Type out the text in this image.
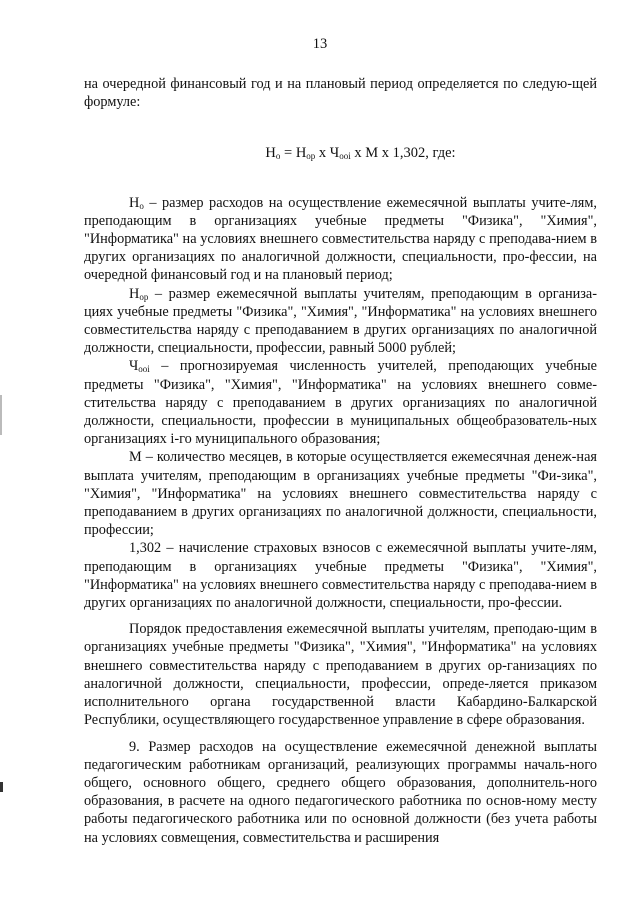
13

на очередной финансовый год и на плановый период определяется по следую-щей формуле:

$Н_о = Н_{ор}$ х $Ч_{ооi}$ х М х 1,302, где:

$Н_о$ – размер расходов на осуществление ежемесячной выплаты учите-лям, преподающим в организациях учебные предметы "Физика", "Химия", "Информатика" на условиях внешнего совместительства наряду с преподава-нием в других организациях по аналогичной должности, специальности, про-фессии, на очередной финансовый год и на плановый период;

$Н_{ор}$ – размер ежемесячной выплаты учителям, преподающим в организа-циях учебные предметы "Физика", "Химия", "Информатика" на условиях внешнего совместительства наряду с преподаванием в других организациях по аналогичной должности, специальности, профессии, равный 5000 рублей;

$Ч_{ооi}$ – прогнозируемая численность учителей, преподающих учебные предметы "Физика", "Химия", "Информатика" на условиях внешнего совме-стительства наряду с преподаванием в других организациях по аналогичной должности, специальности, профессии в муниципальных общеобразователь-ных организациях i-го муниципального образования;

М – количество месяцев, в которые осуществляется ежемесячная денеж-ная выплата учителям, преподающим в организациях учебные предметы "Фи-зика", "Химия", "Информатика" на условиях внешнего совместительства наряду с преподаванием в других организациях по аналогичной должности, специальности, профессии;

1,302 – начисление страховых взносов с ежемесячной выплаты учите-лям, преподающим в организациях учебные предметы "Физика", "Химия", "Информатика" на условиях внешнего совместительства наряду с преподава-нием в других организациях по аналогичной должности, специальности, про-фессии.

Порядок предоставления ежемесячной выплаты учителям, преподаю-щим в организациях учебные предметы "Физика", "Химия", "Информатика" на условиях внешнего совместительства наряду с преподаванием в других ор-ганизациях по аналогичной должности, специальности, профессии, опреде-ляется приказом исполнительного органа государственной власти Кабардино-Балкарской Республики, осуществляющего государственное управление в сфере образования.

9. Размер расходов на осуществление ежемесячной денежной выплаты педагогическим работникам организаций, реализующих программы началь-ного общего, основного общего, среднего общего образования, дополнитель-ного образования, в расчете на одного педагогического работника по основ-ному месту работы педагогического работника или по основной должности (без учета работы на условиях совмещения, совместительства и расширения
